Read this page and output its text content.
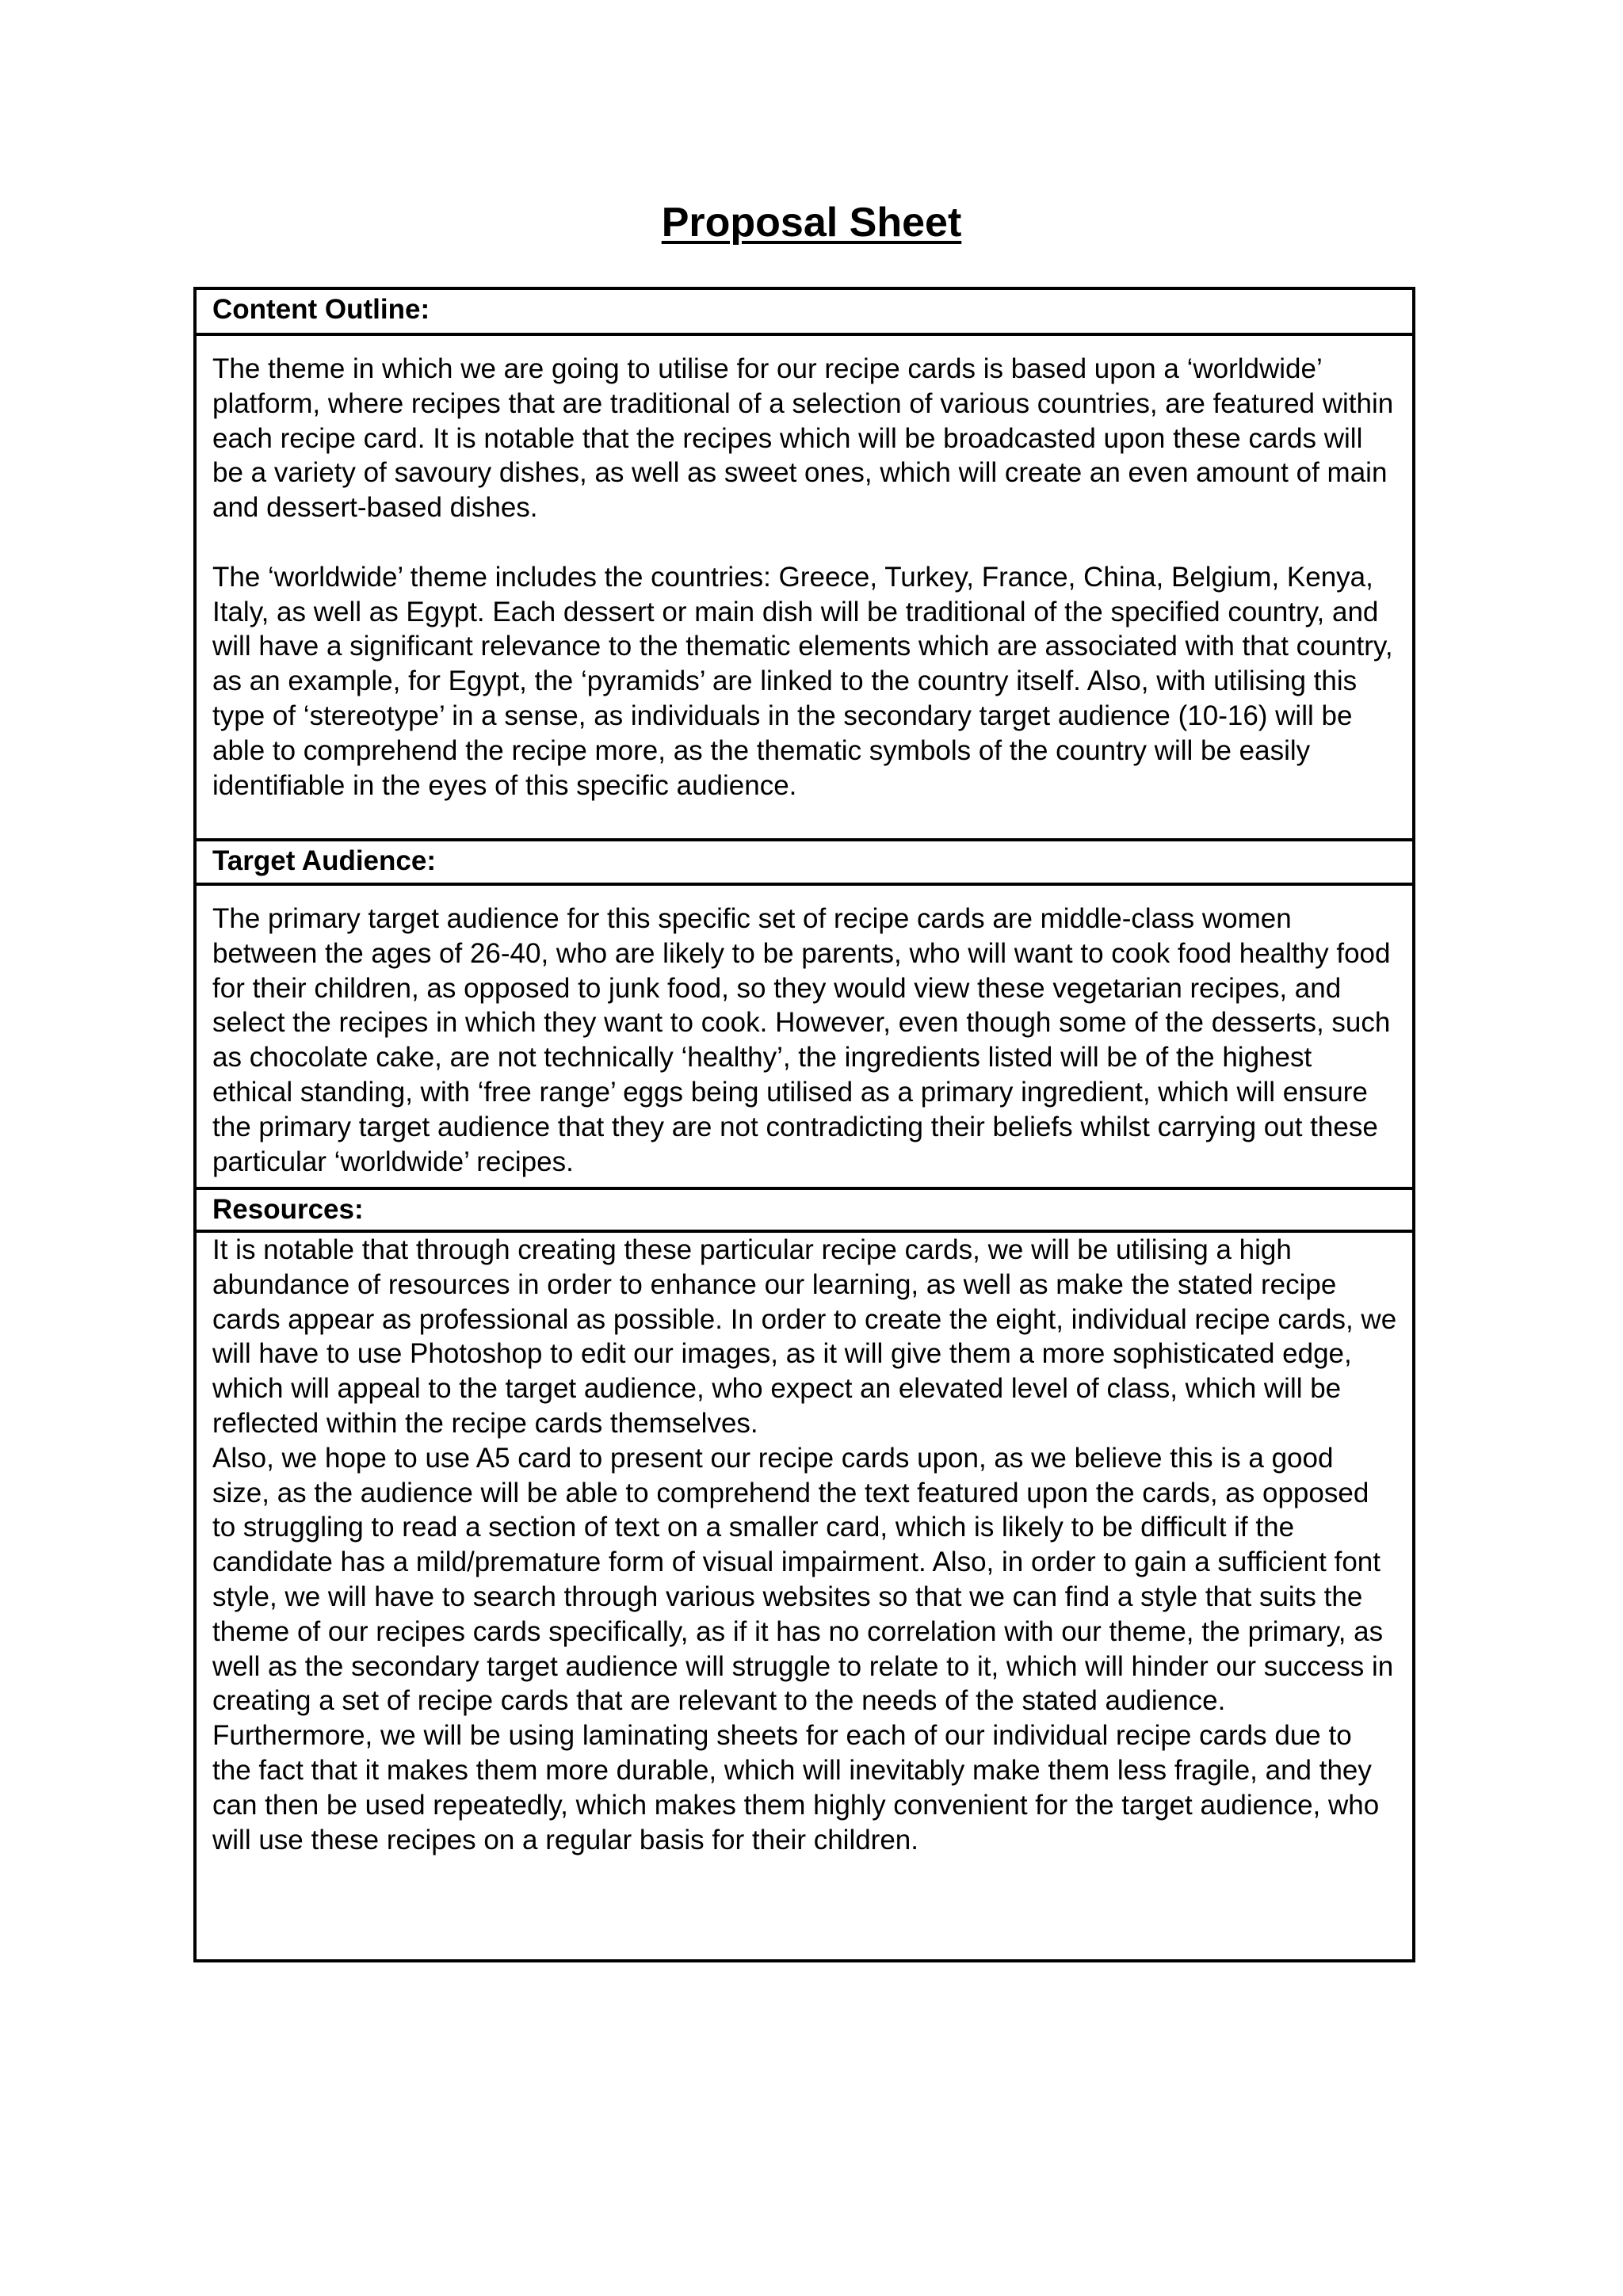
Proposal Sheet
Content Outline:

The theme in which we are going to utilise for our recipe cards is based upon a ‘worldwide’ platform, where recipes that are traditional of a selection of various countries, are featured within each recipe card. It is notable that the recipes which will be broadcasted upon these cards will be a variety of savoury dishes, as well as sweet ones, which will create an even amount of main and dessert-based dishes.

The ‘worldwide’ theme includes the countries: Greece, Turkey, France, China, Belgium, Kenya, Italy, as well as Egypt. Each dessert or main dish will be traditional of the specified country, and will have a significant relevance to the thematic elements which are associated with that country, as an example, for Egypt, the ‘pyramids’ are linked to the country itself. Also, with utilising this type of ‘stereotype’ in a sense, as individuals in the secondary target audience (10-16) will be able to comprehend the recipe more, as the thematic symbols of the country will be easily identifiable in the eyes of this specific audience.

Target Audience:

The primary target audience for this specific set of recipe cards are middle-class women between the ages of 26-40, who are likely to be parents, who will want to cook food healthy food for their children, as opposed to junk food, so they would view these vegetarian recipes, and select the recipes in which they want to cook. However, even though some of the desserts, such as chocolate cake, are not technically ‘healthy’, the ingredients listed will be of the highest ethical standing, with ‘free range’ eggs being utilised as a primary ingredient, which will ensure the primary target audience that they are not contradicting their beliefs whilst carrying out these particular ‘worldwide’ recipes.

Resources:

It is notable that through creating these particular recipe cards, we will be utilising a high abundance of resources in order to enhance our learning, as well as make the stated recipe cards appear as professional as possible. In order to create the eight, individual recipe cards, we will have to use Photoshop to edit our images, as it will give them a more sophisticated edge, which will appeal to the target audience, who expect an elevated level of class, which will be reflected within the recipe cards themselves.

Also, we hope to use A5 card to present our recipe cards upon, as we believe this is a good size, as the audience will be able to comprehend the text featured upon the cards, as opposed to struggling to read a section of text on a smaller card, which is likely to be difficult if the candidate has a mild/premature form of visual impairment. Also, in order to gain a sufficient font style, we will have to search through various websites so that we can find a style that suits the theme of our recipes cards specifically, as if it has no correlation with our theme, the primary, as well as the secondary target audience will struggle to relate to it, which will hinder our success in creating a set of recipe cards that are relevant to the needs of the stated audience.

Furthermore, we will be using laminating sheets for each of our individual recipe cards due to the fact that it makes them more durable, which will inevitably make them less fragile, and they can then be used repeatedly, which makes them highly convenient for the target audience, who will use these recipes on a regular basis for their children.
